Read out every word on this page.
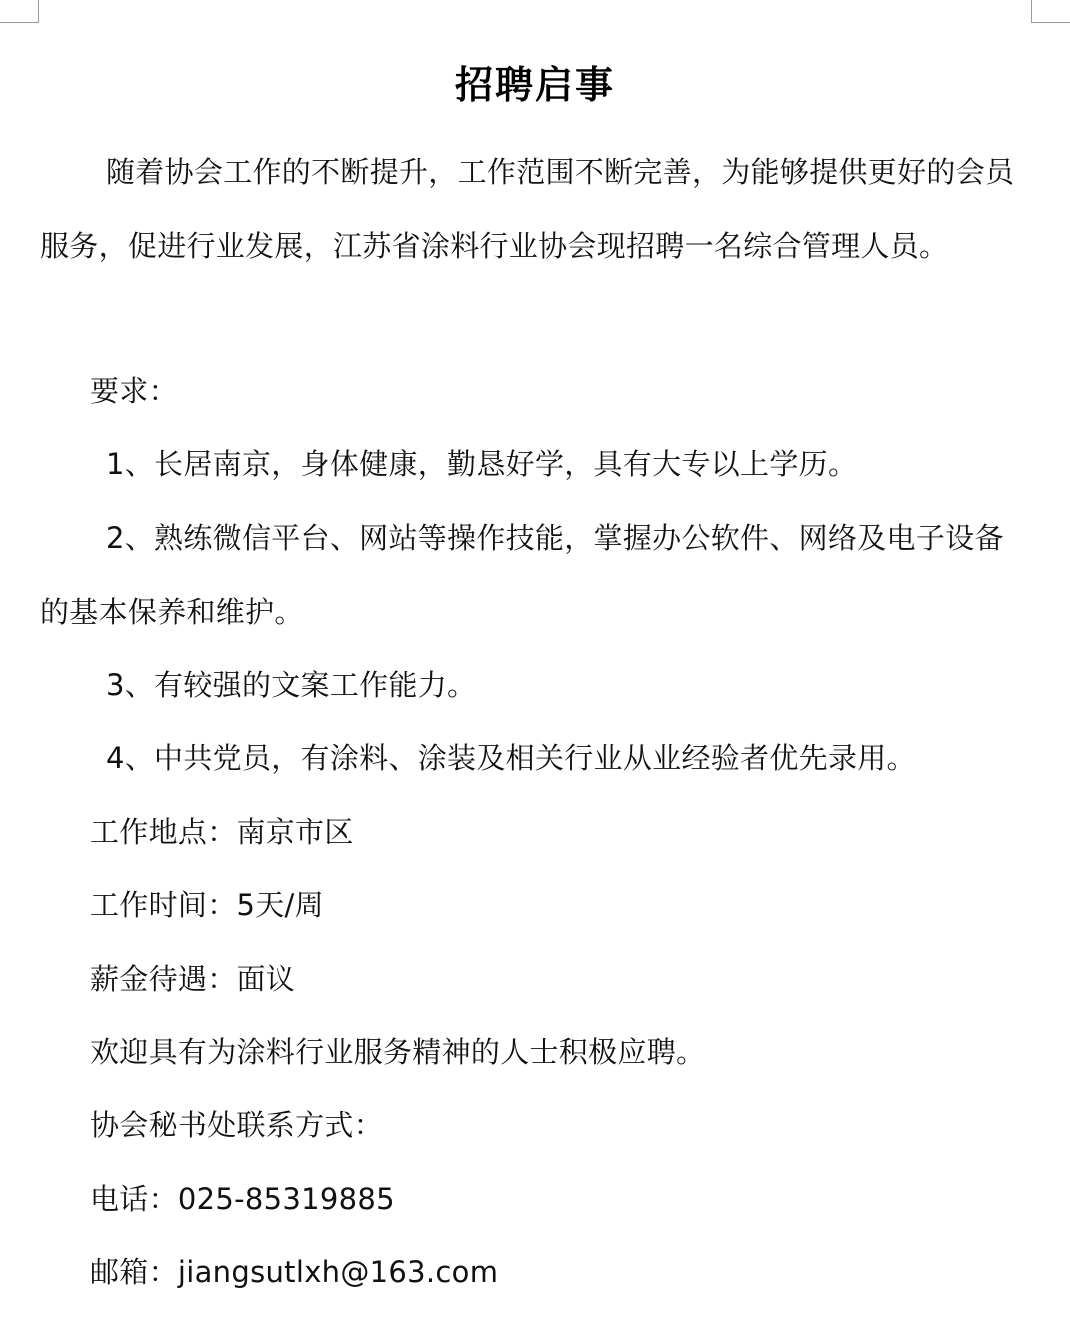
招聘启事

随着协会工作的不断提升，工作范围不断完善，为能够提供更好的会员服务，促进行业发展，江苏省涂料行业协会现招聘一名综合管理人员。

要求：

1、长居南京，身体健康，勤恳好学，具有大专以上学历。

2、熟练微信平台、网站等操作技能，掌握办公软件、网络及电子设备的基本保养和维护。

3、有较强的文案工作能力。

4、中共党员，有涂料、涂装及相关行业从业经验者优先录用。

工作地点：南京市区

工作时间：5天/周

薪金待遇：面议

欢迎具有为涂料行业服务精神的人士积极应聘。

协会秘书处联系方式：

电话：025-85319885

邮箱：jiangsutlxh@163.com
